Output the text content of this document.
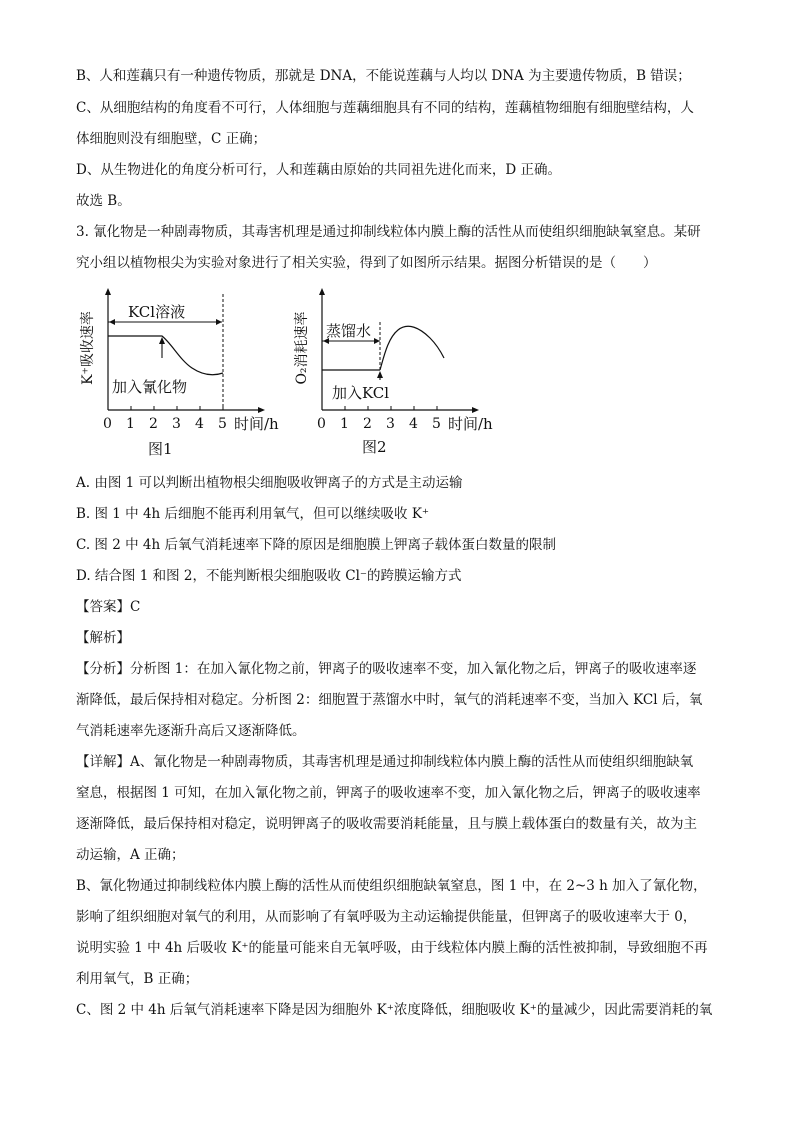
B、人和莲藕只有一种遗传物质，那就是 DNA，不能说莲藕与人均以 DNA 为主要遗传物质，B 错误；
C、从细胞结构的角度看不可行，人体细胞与莲藕细胞具有不同的结构，莲藕植物细胞有细胞壁结构，人
体细胞则没有细胞壁，C 正确；
D、从生物进化的角度分析可行，人和莲藕由原始的共同祖先进化而来，D 正确。
故选 B。
3. 氰化物是一种剧毒物质，其毒害机理是通过抑制线粒体内膜上酶的活性从而使组织细胞缺氧窒息。某研
究小组以植物根尖为实验对象进行了相关实验，得到了如图所示结果。据图分析错误的是（　　）
K⁺吸收速率 KCl溶液
加入氰化物
0 1 2 3 4 5 时间/h
图1
O₂消耗速率 蒸馏水
加入KCl
0 1 2 3 4 5 时间/h
图2
A. 由图 1 可以判断出植物根尖细胞吸收钾离子的方式是主动运输
B. 图 1 中 4h 后细胞不能再利用氧气，但可以继续吸收 K⁺
C. 图 2 中 4h 后氧气消耗速率下降的原因是细胞膜上钾离子载体蛋白数量的限制
D. 结合图 1 和图 2，不能判断根尖细胞吸收 Cl⁻的跨膜运输方式
【答案】C
【解析】
【分析】分析图 1：在加入氰化物之前，钾离子的吸收速率不变，加入氰化物之后，钾离子的吸收速率逐
渐降低，最后保持相对稳定。分析图 2：细胞置于蒸馏水中时，氧气的消耗速率不变，当加入 KCl 后，氧
气消耗速率先逐渐升高后又逐渐降低。
【详解】A、氰化物是一种剧毒物质，其毒害机理是通过抑制线粒体内膜上酶的活性从而使组织细胞缺氧
窒息，根据图 1 可知，在加入氰化物之前，钾离子的吸收速率不变，加入氰化物之后，钾离子的吸收速率
逐渐降低，最后保持相对稳定，说明钾离子的吸收需要消耗能量，且与膜上载体蛋白的数量有关，故为主
动运输，A 正确；
B、氰化物通过抑制线粒体内膜上酶的活性从而使组织细胞缺氧窒息，图 1 中，在 2~3 h 加入了氰化物，
影响了组织细胞对氧气的利用，从而影响了有氧呼吸为主动运输提供能量，但钾离子的吸收速率大于 0，
说明实验 1 中 4h 后吸收 K⁺的能量可能来自无氧呼吸，由于线粒体内膜上酶的活性被抑制，导致细胞不再
利用氧气，B 正确；
C、图 2 中 4h 后氧气消耗速率下降是因为细胞外 K⁺浓度降低，细胞吸收 K⁺的量减少，因此需要消耗的氧
